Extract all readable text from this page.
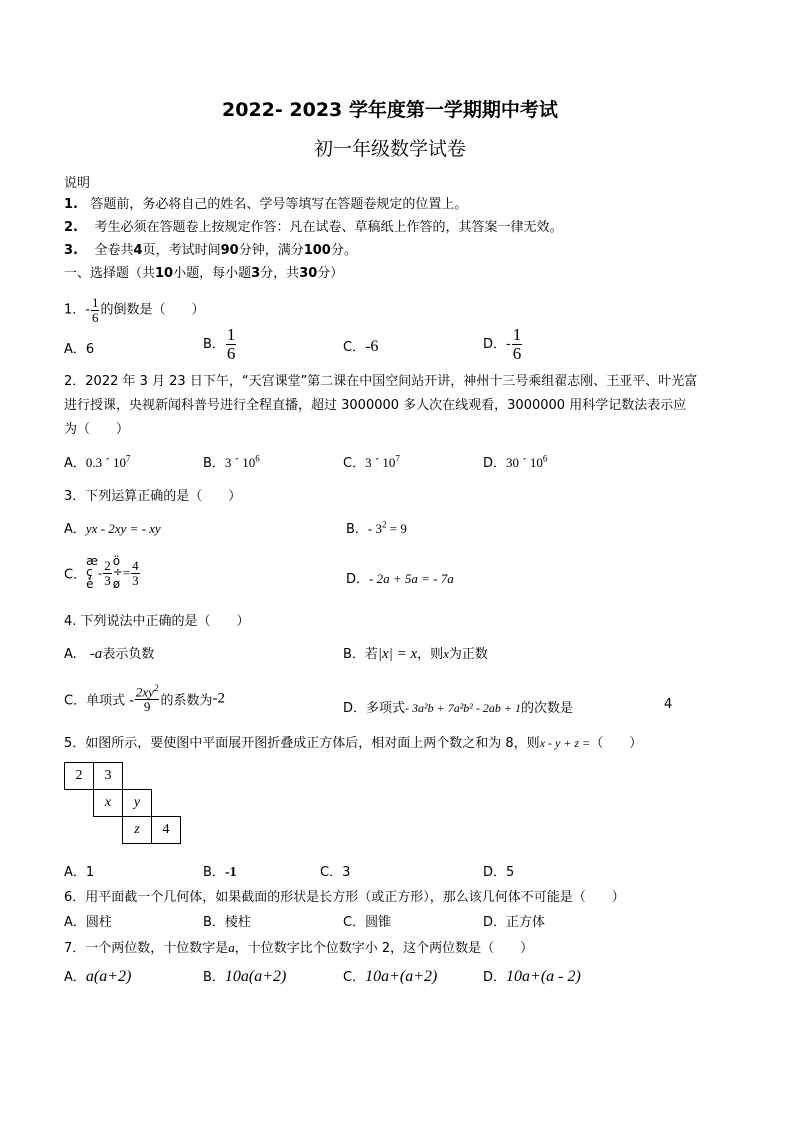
2022- 2023 学年度第一学期期中考试
初一年级数学试卷
说明
1. 答题前，务必将自己的姓名、学号等填写在答题卷规定的位置上。
2. 考生必须在答题卷上按规定作答：凡在试卷、草稿纸上作答的，其答案一律无效。
3. 全卷共4页，考试时间90分钟，满分100分。
一、选择题（共10小题，每小题3分，共30分）
1．- $\frac{1}{6}$ 的倒数是（　　）
A．6	B． $\frac{1}{6}$	C．-6	D．- $\frac{1}{6}$
2．2022 年 3 月 23 日下午，“天宫课堂”第二课在中国空间站开讲，神州十三号乘组翟志刚、王亚平、叶光富
进行授课，央视新闻科普号进行全程直播，超过 3000000 多人次在线观看，3000000 用科学记数法表示应
为（　　）
A．0.3 ´ $10^7$	B．3 ´ $10^6$	C．3 ´ $10^7$	D．30 ´ $10^6$
3．下列运算正确的是（　　）
A．yx - 2xy = - xy	B．- $3^2 = 9$
C．
æ
ç
è
- $\frac{2}{3}$ ö
÷
ø
= $\frac{4}{3}$	D．- 2a + 5a = - 7a
4. 下列说法中正确的是（　　）
A.　-a表示负数	B．若|x| = x，则x为正数
C．单项式 - $\frac{2xy^2}{9}$ 的系数为-2
D．多项式- 3a²b + 7a²b² - 2ab + 1的次数是	4
5．如图所示，要使图中平面展开图折叠成正方体后，相对面上两个数之和为 8，则x - y + z =（　　）
2	3		
	x	y	
		z	4
A．1	B．-1	C．3	D．5
6．用平面截一个几何体，如果截面的形状是长方形（或正方形），那么该几何体不可能是（　　）
A．圆柱	B．棱柱	C．圆锥	D．正方体
7．一个两位数，十位数字是a，十位数字比个位数字小 2，这个两位数是（　　）
A．a(a+2)	B．10a(a+2)	C．10a+(a+2)	D．10a+(a - 2)
